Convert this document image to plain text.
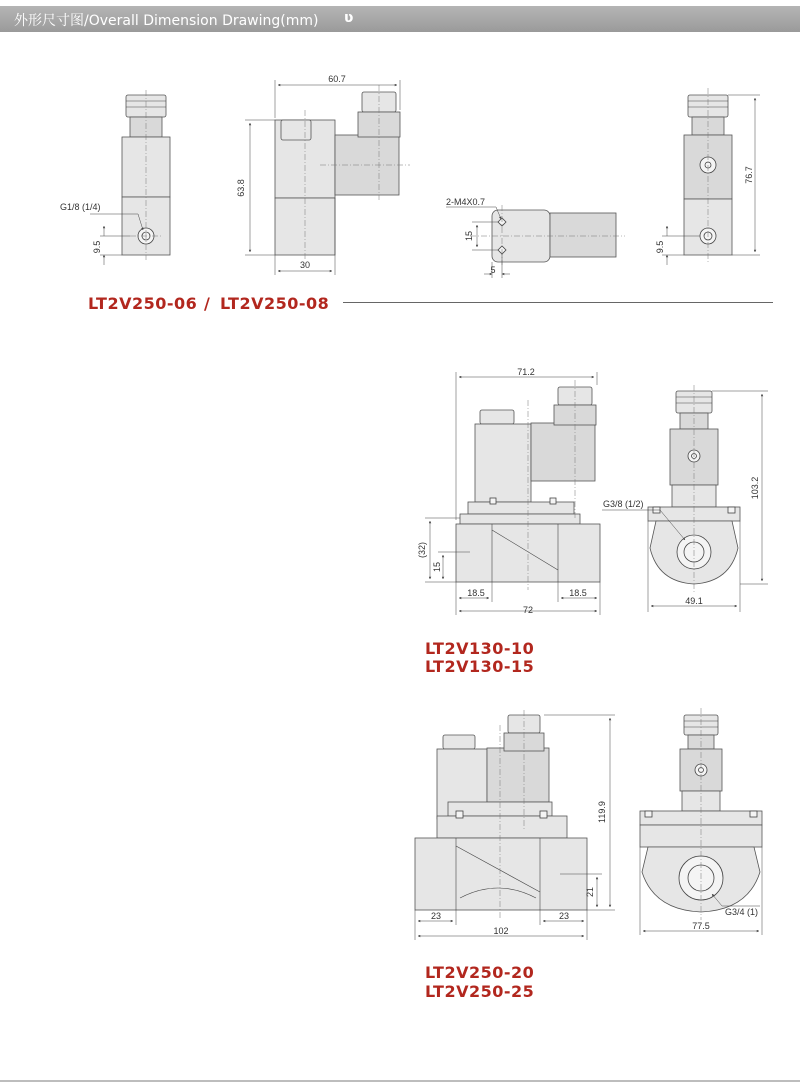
外形尺寸图/Overall Dimension Drawing(mm) ʋ
G1/8 (1/4)
9.5
60.7
63.8
30
2-M4X0.7
15
5
76.7
9.5
71.2
(32)
15
18.5	18.5
72
G3/8 (1/2)
103.2
49.1
119.9
21
23	23
102
G3/4 (1)
77.5
LT2V250-06 / LT2V250-08
LT2V130-10
LT2V130-15
LT2V250-20
LT2V250-25
